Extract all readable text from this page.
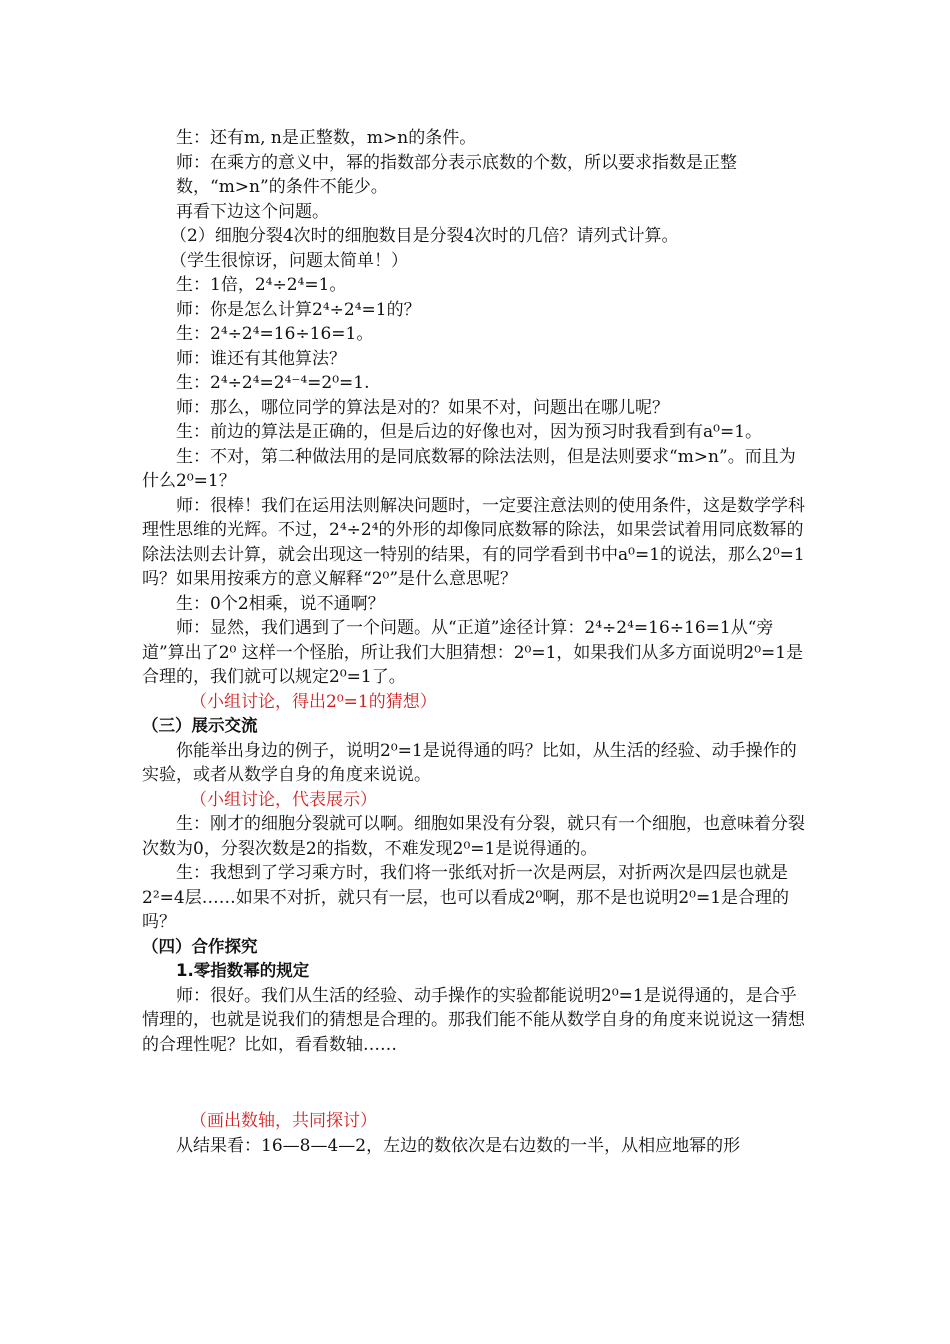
生：还有m, n是正整数，m>n的条件。

师：在乘方的意义中，幂的指数部分表示底数的个数，所以要求指数是正整数，“m>n”的条件不能少。

再看下边这个问题。

（2）细胞分裂4次时的细胞数目是分裂4次时的几倍？请列式计算。

（学生很惊讶，问题太简单！）

生：1倍，2⁴÷2⁴=1。

师：你是怎么计算2⁴÷2⁴=1的？

生：2⁴÷2⁴=16÷16=1。

师：谁还有其他算法？

生：2⁴÷2⁴=2⁴⁻⁴=2⁰=1.

师：那么，哪位同学的算法是对的？如果不对，问题出在哪儿呢？

生：前边的算法是正确的，但是后边的好像也对，因为预习时我看到有a⁰=1。

生：不对，第二种做法用的是同底数幂的除法法则，但是法则要求“m>n”。而且为什么2⁰=1？

师：很棒！我们在运用法则解决问题时，一定要注意法则的使用条件，这是数学学科理性思维的光辉。不过，2⁴÷2⁴的外形的却像同底数幂的除法，如果尝试着用同底数幂的除法法则去计算，就会出现这一特别的结果，有的同学看到书中a⁰=1的说法，那么2⁰=1吗？如果用按乘方的意义解释“2⁰”是什么意思呢？

生：0个2相乘，说不通啊？

师：显然，我们遇到了一个问题。从“正道”途径计算：2⁴÷2⁴=16÷16=1从“旁道”算出了2⁰ 这样一个怪胎，所让我们大胆猜想：2⁰=1，如果我们从多方面说明2⁰=1是合理的，我们就可以规定2⁰=1了。

（小组讨论，得出2⁰=1的猜想）

（三）展示交流

你能举出身边的例子，说明2⁰=1是说得通的吗？比如，从生活的经验、动手操作的实验，或者从数学自身的角度来说说。

（小组讨论，代表展示）

生：刚才的细胞分裂就可以啊。细胞如果没有分裂，就只有一个细胞，也意味着分裂次数为0，分裂次数是2的指数，不难发现2⁰=1是说得通的。

生：我想到了学习乘方时，我们将一张纸对折一次是两层，对折两次是四层也就是2²=4层……如果不对折，就只有一层，也可以看成2⁰啊，那不是也说明2⁰=1是合理的吗？

（四）合作探究

1.零指数幂的规定

师：很好。我们从生活的经验、动手操作的实验都能说明2⁰=1是说得通的，是合乎情理的，也就是说我们的猜想是合理的。那我们能不能从数学自身的角度来说说这一猜想的合理性呢？比如，看看数轴……

（画出数轴，共同探讨）

从结果看：16—8—4—2，左边的数依次是右边数的一半，从相应地幂的形
